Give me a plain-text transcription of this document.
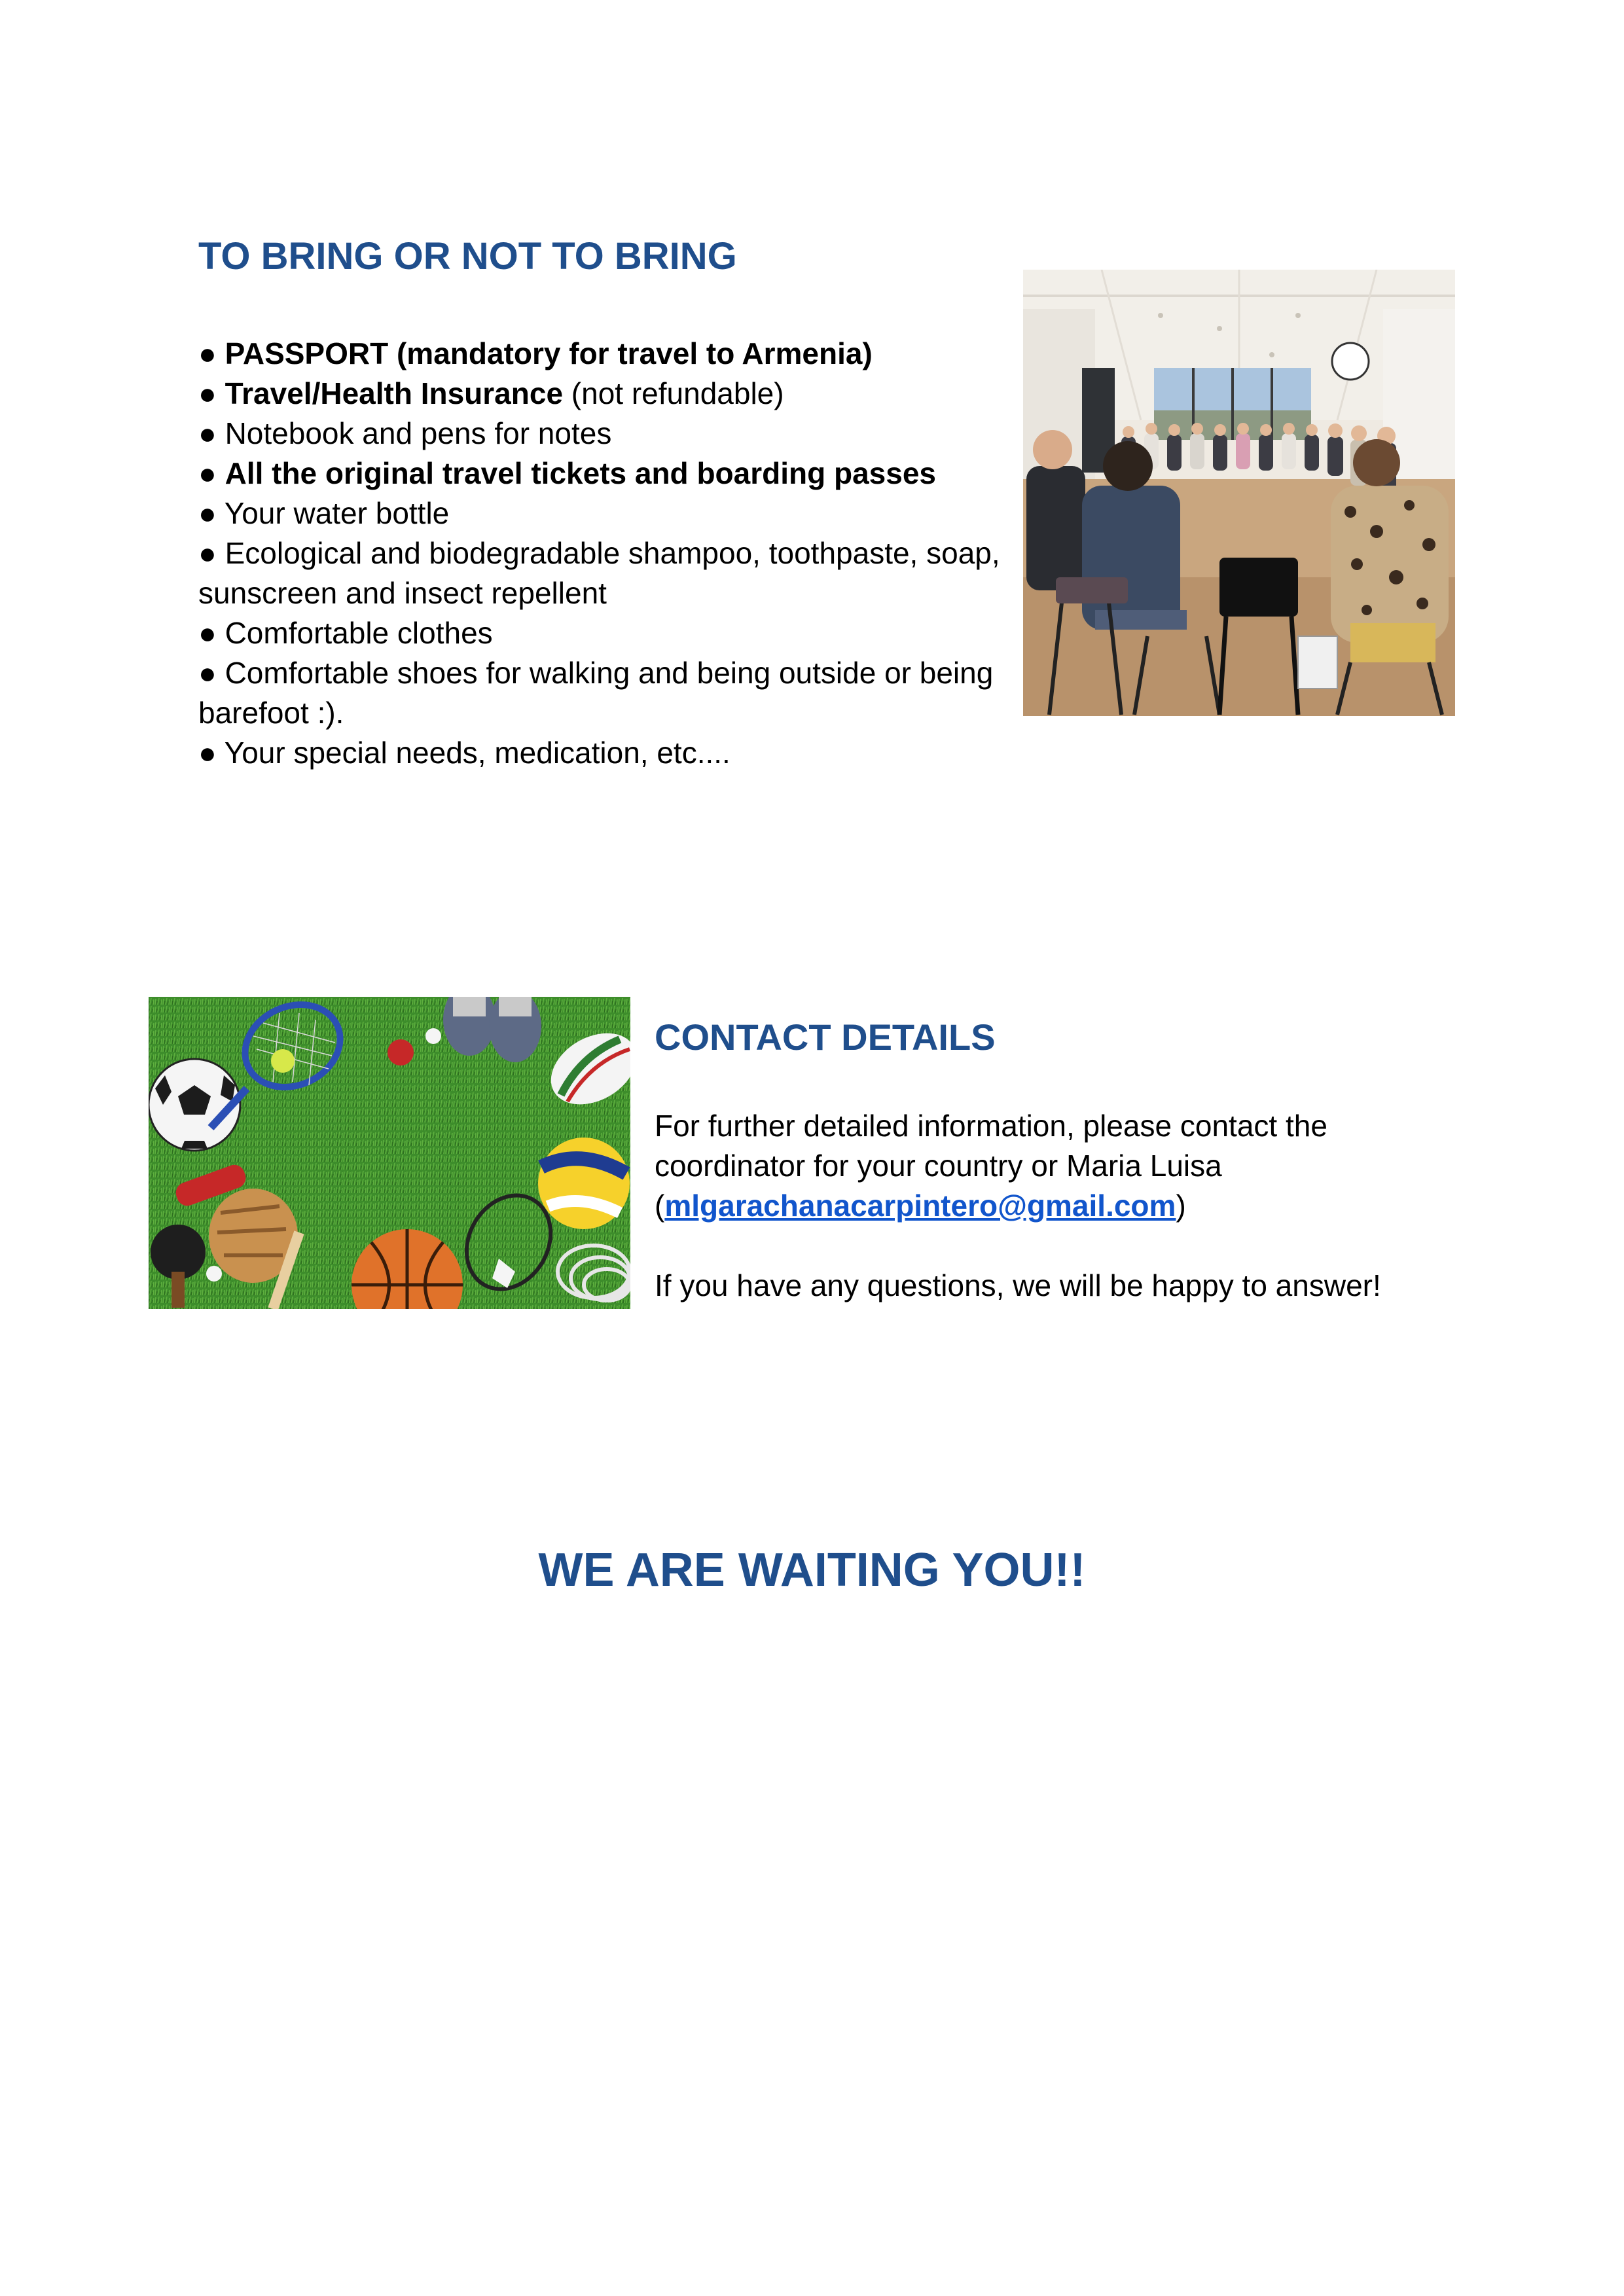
TO BRING OR NOT TO BRING
● PASSPORT (mandatory for travel to Armenia)
● Travel/Health Insurance (not refundable)
● Notebook and pens for notes
● All the original travel tickets and boarding passes
● Your water bottle
● Ecological and biodegradable shampoo, toothpaste, soap, sunscreen and insect repellent
● Comfortable clothes
● Comfortable shoes for walking and being outside or being barefoot :).
● Your special needs, medication, etc....
CONTACT DETAILS

For further detailed information, please contact the coordinator for your country or Maria Luisa (mlgarachanacarpintero@gmail.com)

If you have any questions, we will be happy to answer!

WE ARE WAITING YOU!!
